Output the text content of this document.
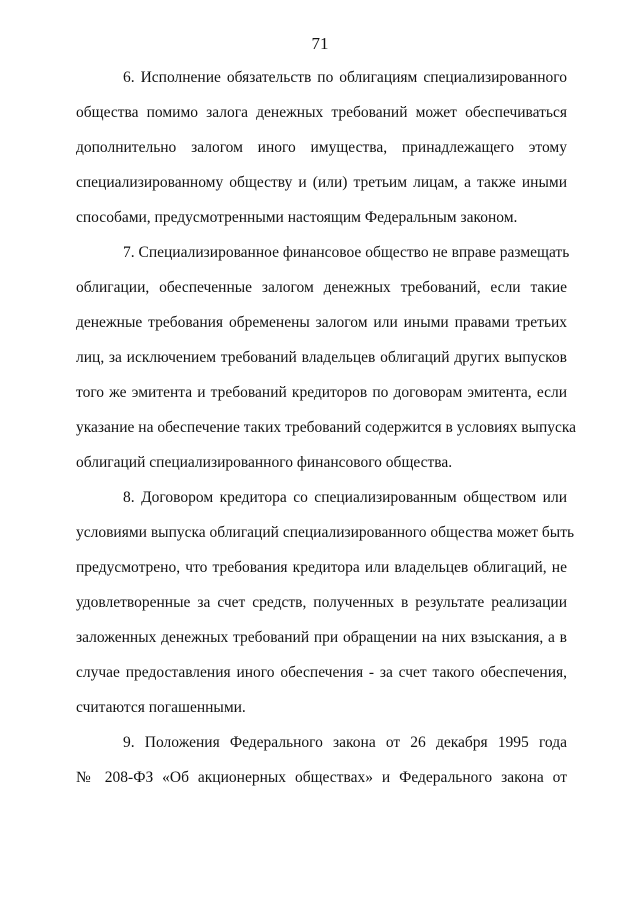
71
6. Исполнение обязательств по облигациям специализированного
общества помимо залога денежных требований может обеспечиваться
дополнительно залогом иного имущества, принадлежащего этому
специализированному обществу и (или) третьим лицам, а также иными
способами, предусмотренными настоящим Федеральным законом.
7. Специализированное финансовое общество не вправе размещать
облигации, обеспеченные залогом денежных требований, если такие
денежные требования обременены залогом или иными правами третьих
лиц, за исключением требований владельцев облигаций других выпусков
того же эмитента и требований кредиторов по договорам эмитента, если
указание на обеспечение таких требований содержится в условиях выпуска
облигаций специализированного финансового общества.
8. Договором кредитора со специализированным обществом или
условиями выпуска облигаций специализированного общества может быть
предусмотрено, что требования кредитора или владельцев облигаций, не
удовлетворенные за счет средств, полученных в результате реализации
заложенных денежных требований при обращении на них взыскания, а в
случае предоставления иного обеспечения - за счет такого обеспечения,
считаются погашенными.
9. Положения Федерального закона от 26 декабря 1995 года
№ 208-ФЗ «Об акционерных обществах» и Федерального закона от
